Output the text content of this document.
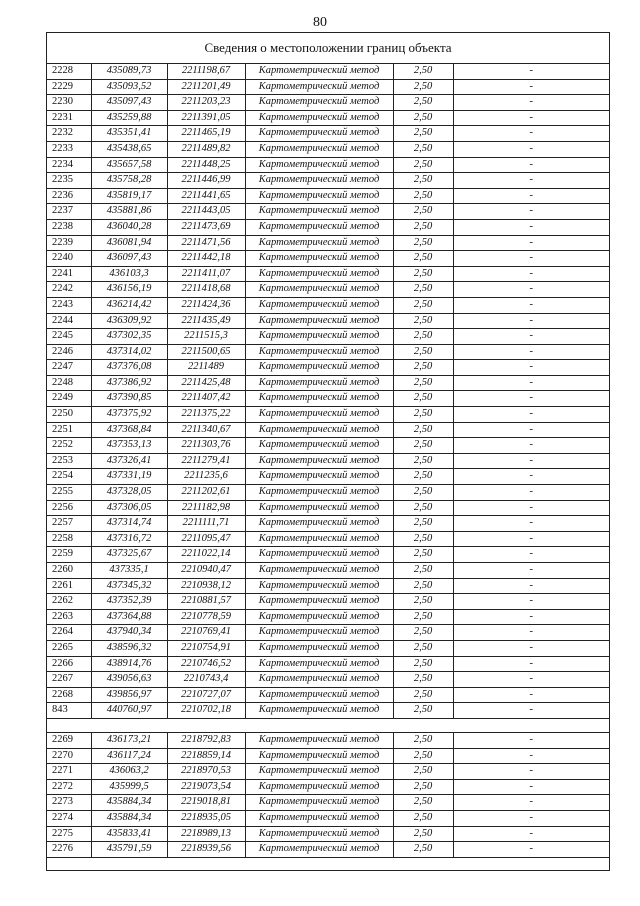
80
Сведения о местоположении границ объекта
2228	435089,73	2211198,67	Картометрический метод	2,50	-
2229	435093,52	2211201,49	Картометрический метод	2,50	-
2230	435097,43	2211203,23	Картометрический метод	2,50	-
2231	435259,88	2211391,05	Картометрический метод	2,50	-
2232	435351,41	2211465,19	Картометрический метод	2,50	-
2233	435438,65	2211489,82	Картометрический метод	2,50	-
2234	435657,58	2211448,25	Картометрический метод	2,50	-
2235	435758,28	2211446,99	Картометрический метод	2,50	-
2236	435819,17	2211441,65	Картометрический метод	2,50	-
2237	435881,86	2211443,05	Картометрический метод	2,50	-
2238	436040,28	2211473,69	Картометрический метод	2,50	-
2239	436081,94	2211471,56	Картометрический метод	2,50	-
2240	436097,43	2211442,18	Картометрический метод	2,50	-
2241	436103,3	2211411,07	Картометрический метод	2,50	-
2242	436156,19	2211418,68	Картометрический метод	2,50	-
2243	436214,42	2211424,36	Картометрический метод	2,50	-
2244	436309,92	2211435,49	Картометрический метод	2,50	-
2245	437302,35	2211515,3	Картометрический метод	2,50	-
2246	437314,02	2211500,65	Картометрический метод	2,50	-
2247	437376,08	2211489	Картометрический метод	2,50	-
2248	437386,92	2211425,48	Картометрический метод	2,50	-
2249	437390,85	2211407,42	Картометрический метод	2,50	-
2250	437375,92	2211375,22	Картометрический метод	2,50	-
2251	437368,84	2211340,67	Картометрический метод	2,50	-
2252	437353,13	2211303,76	Картометрический метод	2,50	-
2253	437326,41	2211279,41	Картометрический метод	2,50	-
2254	437331,19	2211235,6	Картометрический метод	2,50	-
2255	437328,05	2211202,61	Картометрический метод	2,50	-
2256	437306,05	2211182,98	Картометрический метод	2,50	-
2257	437314,74	2211111,71	Картометрический метод	2,50	-
2258	437316,72	2211095,47	Картометрический метод	2,50	-
2259	437325,67	2211022,14	Картометрический метод	2,50	-
2260	437335,1	2210940,47	Картометрический метод	2,50	-
2261	437345,32	2210938,12	Картометрический метод	2,50	-
2262	437352,39	2210881,57	Картометрический метод	2,50	-
2263	437364,88	2210778,59	Картометрический метод	2,50	-
2264	437940,34	2210769,41	Картометрический метод	2,50	-
2265	438596,32	2210754,91	Картометрический метод	2,50	-
2266	438914,76	2210746,52	Картометрический метод	2,50	-
2267	439056,63	2210743,4	Картометрический метод	2,50	-
2268	439856,97	2210727,07	Картометрический метод	2,50	-
843	440760,97	2210702,18	Картометрический метод	2,50	-

2269	436173,21	2218792,83	Картометрический метод	2,50	-
2270	436117,24	2218859,14	Картометрический метод	2,50	-
2271	436063,2	2218970,53	Картометрический метод	2,50	-
2272	435999,5	2219073,54	Картометрический метод	2,50	-
2273	435884,34	2219018,81	Картометрический метод	2,50	-
2274	435884,34	2218935,05	Картометрический метод	2,50	-
2275	435833,41	2218989,13	Картометрический метод	2,50	-
2276	435791,59	2218939,56	Картометрический метод	2,50	-
